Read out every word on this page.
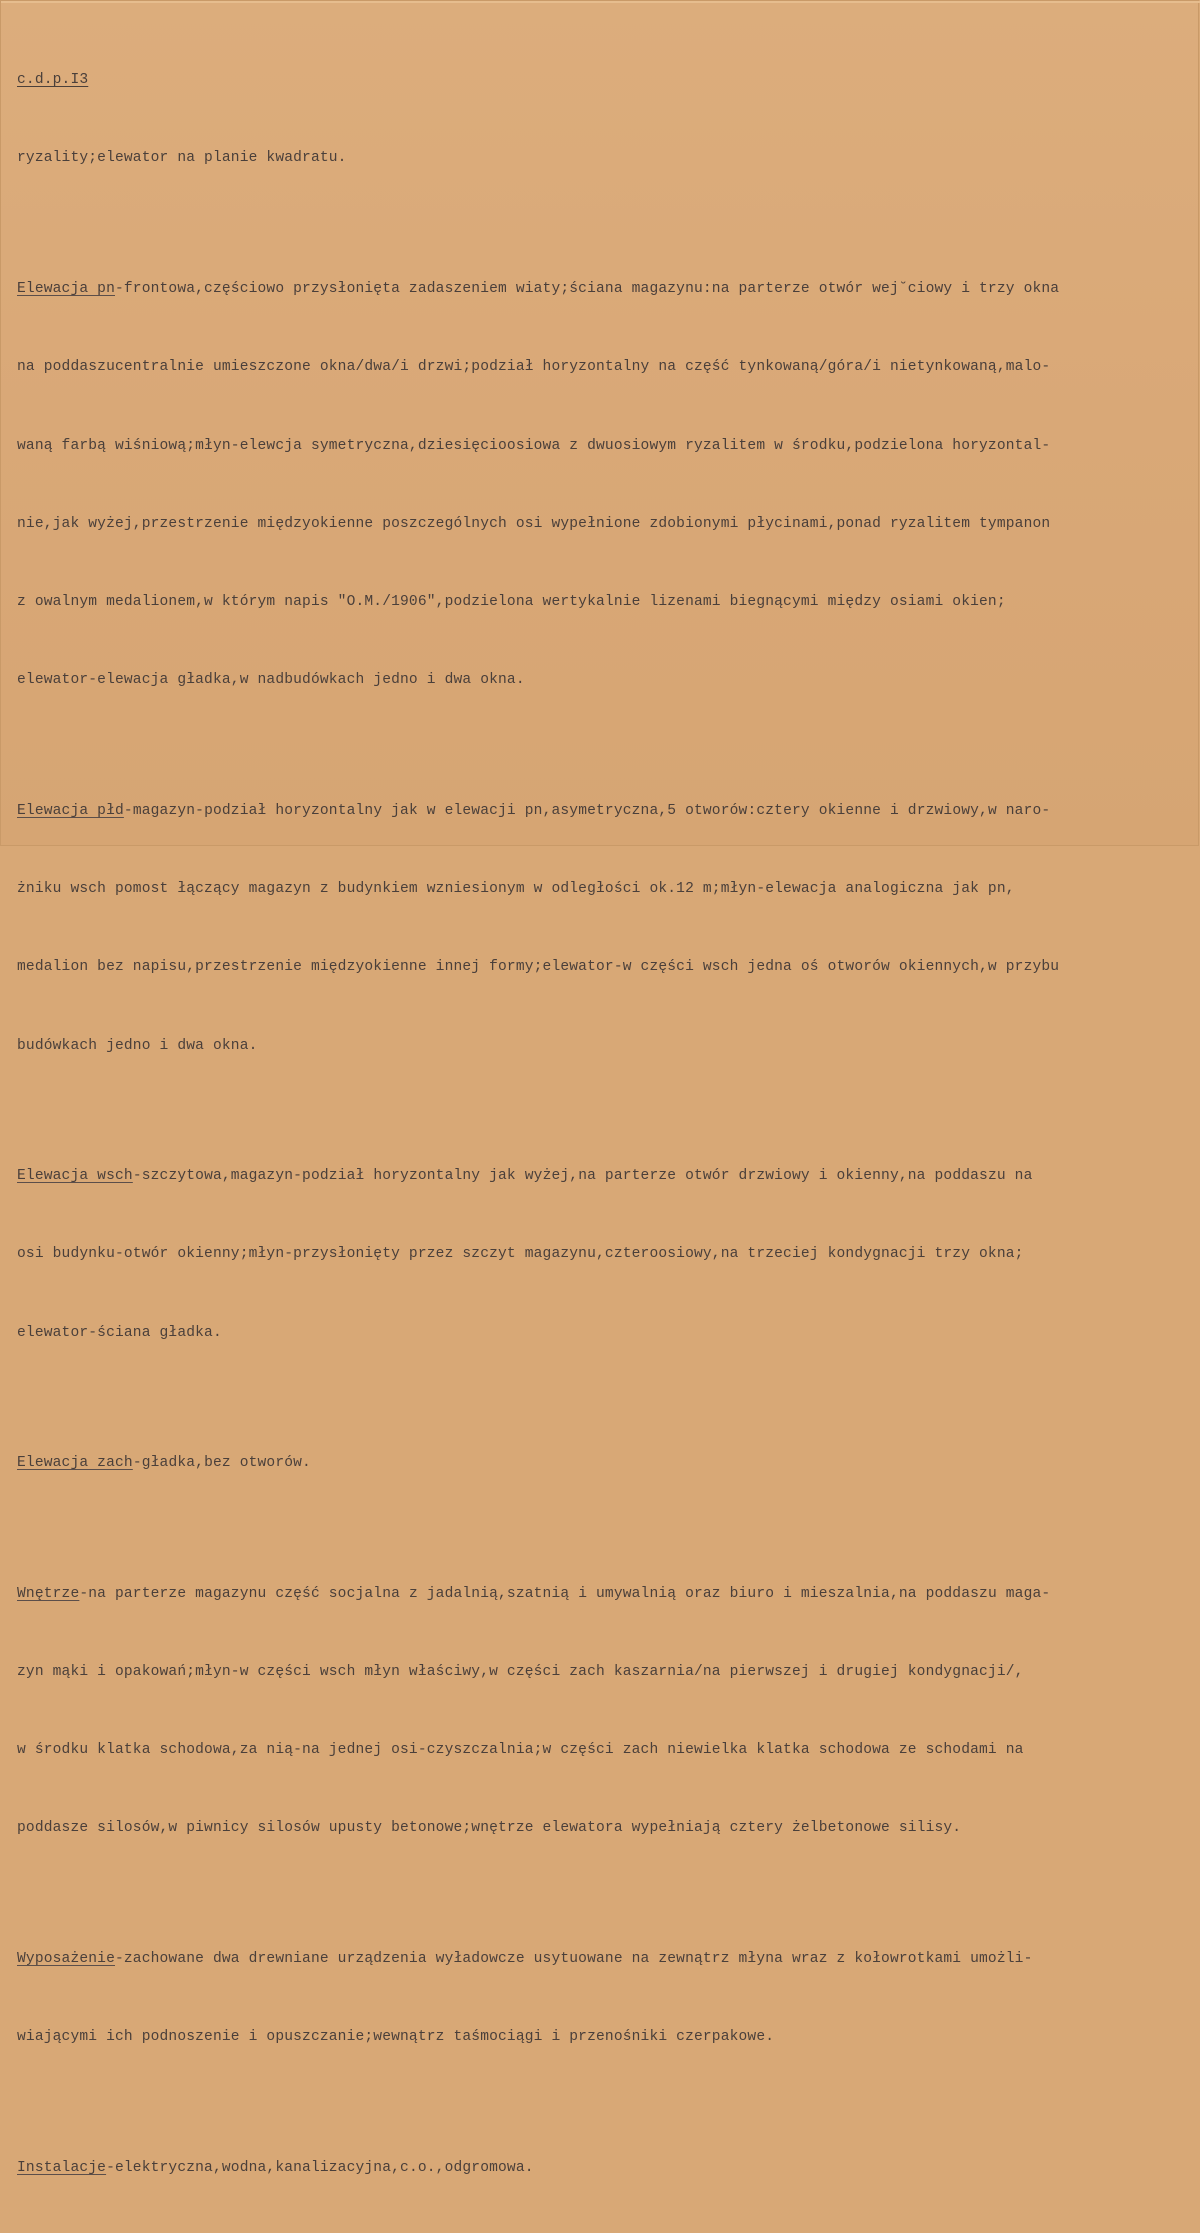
c.d.p.I3

ryzality;elewator na planie kwadratu.

Elewacja pn-frontowa,częściowo przysłonięta zadaszeniem wiaty;ściana magazynu:na parterze otwór wej˘ciowy i trzy okna

na poddaszucentralnie umieszczone okna/dwa/i drzwi;podział horyzontalny na część tynkowaną/góra/i nietynkowaną,malo-

waną farbą wiśniową;młyn-elewcja symetryczna,dziesięcioosiowa z dwuosiowym ryzalitem w środku,podzielona horyzontal-

nie,jak wyżej,przestrzenie międzyokienne poszczególnych osi wypełnione zdobionymi płycinami,ponad ryzalitem tympanon

z owalnym medalionem,w którym napis "O.M./1906",podzielona wertykalnie lizenami biegnącymi między osiami okien;

elewator-elewacja gładka,w nadbudówkach jedno i dwa okna.

Elewacja płd-magazyn-podział horyzontalny jak w elewacji pn,asymetryczna,5 otworów:cztery okienne i drzwiowy,w naro-

żniku wsch pomost łączący magazyn z budynkiem wzniesionym w odległości ok.12 m;młyn-elewacja analogiczna jak pn,

medalion bez napisu,przestrzenie międzyokienne innej formy;elewator-w części wsch jedna oś otworów okiennych,w przybu

budówkach jedno i dwa okna.

Elewacja wsch-szczytowa,magazyn-podział horyzontalny jak wyżej,na parterze otwór drzwiowy i okienny,na poddaszu na

osi budynku-otwór okienny;młyn-przysłonięty przez szczyt magazynu,czteroosiowy,na trzeciej kondygnacji trzy okna;

elewator-ściana gładka.

Elewacja zach-gładka,bez otworów.

Wnętrze-na parterze magazynu część socjalna z jadalnią,szatnią i umywalnią oraz biuro i mieszalnia,na poddaszu maga-

zyn mąki i opakowań;młyn-w części wsch młyn właściwy,w części zach kaszarnia/na pierwszej i drugiej kondygnacji/,

w środku klatka schodowa,za nią-na jednej osi-czyszczalnia;w części zach niewielka klatka schodowa ze schodami na

poddasze silosów,w piwnicy silosów upusty betonowe;wnętrze elewatora wypełniają cztery żelbetonowe silisy.

Wyposażenie-zachowane dwa drewniane urządzenia wyładowcze usytuowane na zewnątrz młyna wraz z kołowrotkami umożli-

wiającymi ich podnoszenie i opuszczanie;wewnątrz taśmociągi i przenośniki czerpakowe.

Instalacje-elektryczna,wodna,kanalizacyjna,c.o.,odgromowa.
